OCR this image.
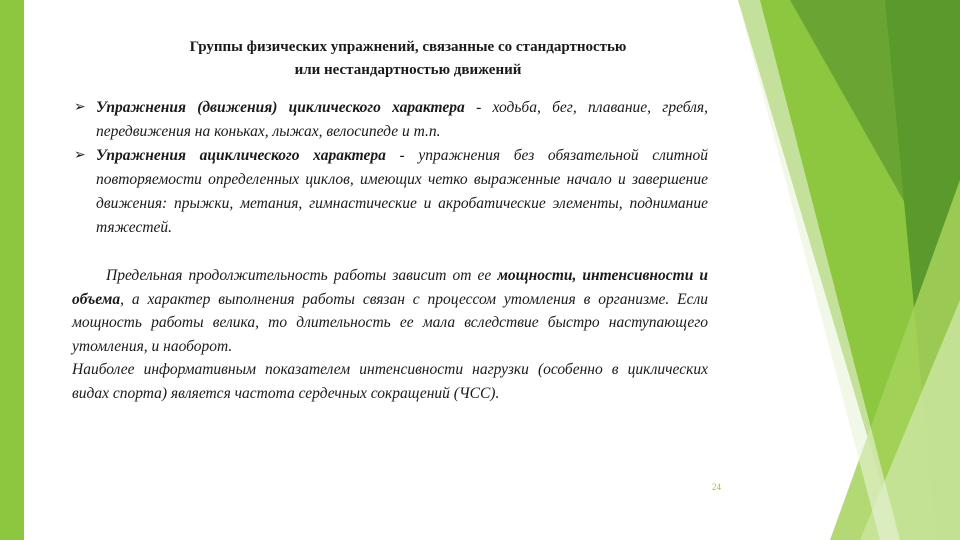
Группы физических упражнений, связанные со стандартностью
или нестандартностью движений
➢ Упражнения (движения) циклического характера - ходьба, бег, плавание, гребля, передвижения на коньках, лыжах, велосипеде и т.п.
➢ Упражнения ациклического характера - упражнения без обязательной слитной повторяемости определенных циклов, имеющих четко выраженные начало и завершение движения: прыжки, метания, гимнастические и акробатические элементы, поднимание тяжестей.

Предельная продолжительность работы зависит от ее мощности, интенсивности и объема, а характер выполнения работы связан с процессом утомления в организме. Если мощность работы велика, то длительность ее мала вследствие быстро наступающего утомления, и наоборот.

Наиболее информативным показателем интенсивности нагрузки (особенно в циклических видах спорта) является частота сердечных сокращений (ЧСС).

24
